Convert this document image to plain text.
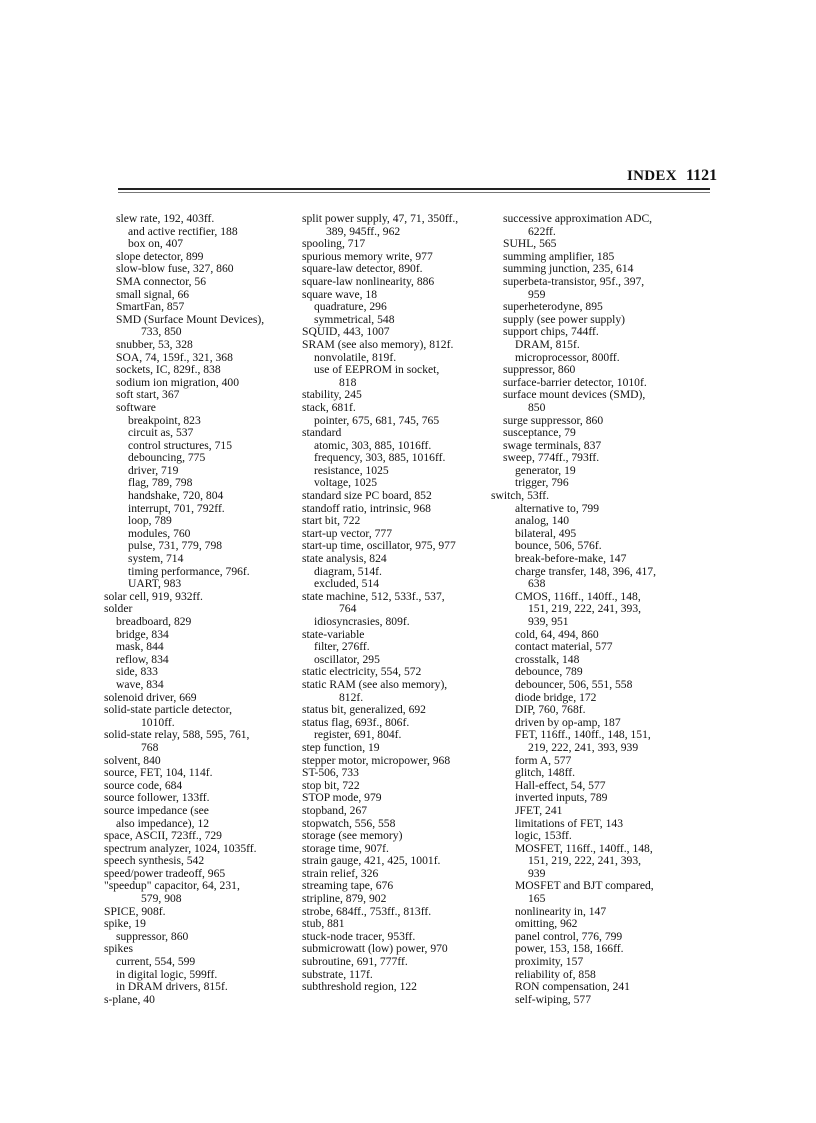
INDEX 1121
slew rate, 192, 403ff.
and active rectifier, 188
box on, 407
slope detector, 899
slow-blow fuse, 327, 860
SMA connector, 56
small signal, 66
SmartFan, 857
SMD (Surface Mount Devices),
733, 850
snubber, 53, 328
SOA, 74, 159f., 321, 368
sockets, IC, 829f., 838
sodium ion migration, 400
soft start, 367
software
breakpoint, 823
circuit as, 537
control structures, 715
debouncing, 775
driver, 719
flag, 789, 798
handshake, 720, 804
interrupt, 701, 792ff.
loop, 789
modules, 760
pulse, 731, 779, 798
system, 714
timing performance, 796f.
UART, 983
solar cell, 919, 932ff.
solder
breadboard, 829
bridge, 834
mask, 844
reflow, 834
side, 833
wave, 834
solenoid driver, 669
solid-state particle detector,
1010ff.
solid-state relay, 588, 595, 761,
768
solvent, 840
source, FET, 104, 114f.
source code, 684
source follower, 133ff.
source impedance (see
also impedance), 12
space, ASCII, 723ff., 729
spectrum analyzer, 1024, 1035ff.
speech synthesis, 542
speed/power tradeoff, 965
"speedup" capacitor, 64, 231,
579, 908
SPICE, 908f.
spike, 19
suppressor, 860
spikes
current, 554, 599
in digital logic, 599ff.
in DRAM drivers, 815f.
s-plane, 40
split power supply, 47, 71, 350ff.,
389, 945ff., 962
spooling, 717
spurious memory write, 977
square-law detector, 890f.
square-law nonlinearity, 886
square wave, 18
quadrature, 296
symmetrical, 548
SQUID, 443, 1007
SRAM (see also memory), 812f.
nonvolatile, 819f.
use of EEPROM in socket,
818
stability, 245
stack, 681f.
pointer, 675, 681, 745, 765
standard
atomic, 303, 885, 1016ff.
frequency, 303, 885, 1016ff.
resistance, 1025
voltage, 1025
standard size PC board, 852
standoff ratio, intrinsic, 968
start bit, 722
start-up vector, 777
start-up time, oscillator, 975, 977
state analysis, 824
diagram, 514f.
excluded, 514
state machine, 512, 533f., 537,
764
idiosyncrasies, 809f.
state-variable
filter, 276ff.
oscillator, 295
static electricity, 554, 572
static RAM (see also memory),
812f.
status bit, generalized, 692
status flag, 693f., 806f.
register, 691, 804f.
step function, 19
stepper motor, micropower, 968
ST-506, 733
stop bit, 722
STOP mode, 979
stopband, 267
stopwatch, 556, 558
storage (see memory)
storage time, 907f.
strain gauge, 421, 425, 1001f.
strain relief, 326
streaming tape, 676
stripline, 879, 902
strobe, 684ff., 753ff., 813ff.
stub, 881
stuck-node tracer, 953ff.
submicrowatt (low) power, 970
subroutine, 691, 777ff.
substrate, 117f.
subthreshold region, 122
successive approximation ADC,
622ff.
SUHL, 565
summing amplifier, 185
summing junction, 235, 614
superbeta-transistor, 95f., 397,
959
superheterodyne, 895
supply (see power supply)
support chips, 744ff.
DRAM, 815f.
microprocessor, 800ff.
suppressor, 860
surface-barrier detector, 1010f.
surface mount devices (SMD),
850
surge suppressor, 860
susceptance, 79
swage terminals, 837
sweep, 774ff., 793ff.
generator, 19
trigger, 796
switch, 53ff.
alternative to, 799
analog, 140
bilateral, 495
bounce, 506, 576f.
break-before-make, 147
charge transfer, 148, 396, 417,
638
CMOS, 116ff., 140ff., 148,
151, 219, 222, 241, 393,
939, 951
cold, 64, 494, 860
contact material, 577
crosstalk, 148
debounce, 789
debouncer, 506, 551, 558
diode bridge, 172
DIP, 760, 768f.
driven by op-amp, 187
FET, 116ff., 140ff., 148, 151,
219, 222, 241, 393, 939
form A, 577
glitch, 148ff.
Hall-effect, 54, 577
inverted inputs, 789
JFET, 241
limitations of FET, 143
logic, 153ff.
MOSFET, 116ff., 140ff., 148,
151, 219, 222, 241, 393,
939
MOSFET and BJT compared,
165
nonlinearity in, 147
omitting, 962
panel control, 776, 799
power, 153, 158, 166ff.
proximity, 157
reliability of, 858
RON compensation, 241
self-wiping, 577
